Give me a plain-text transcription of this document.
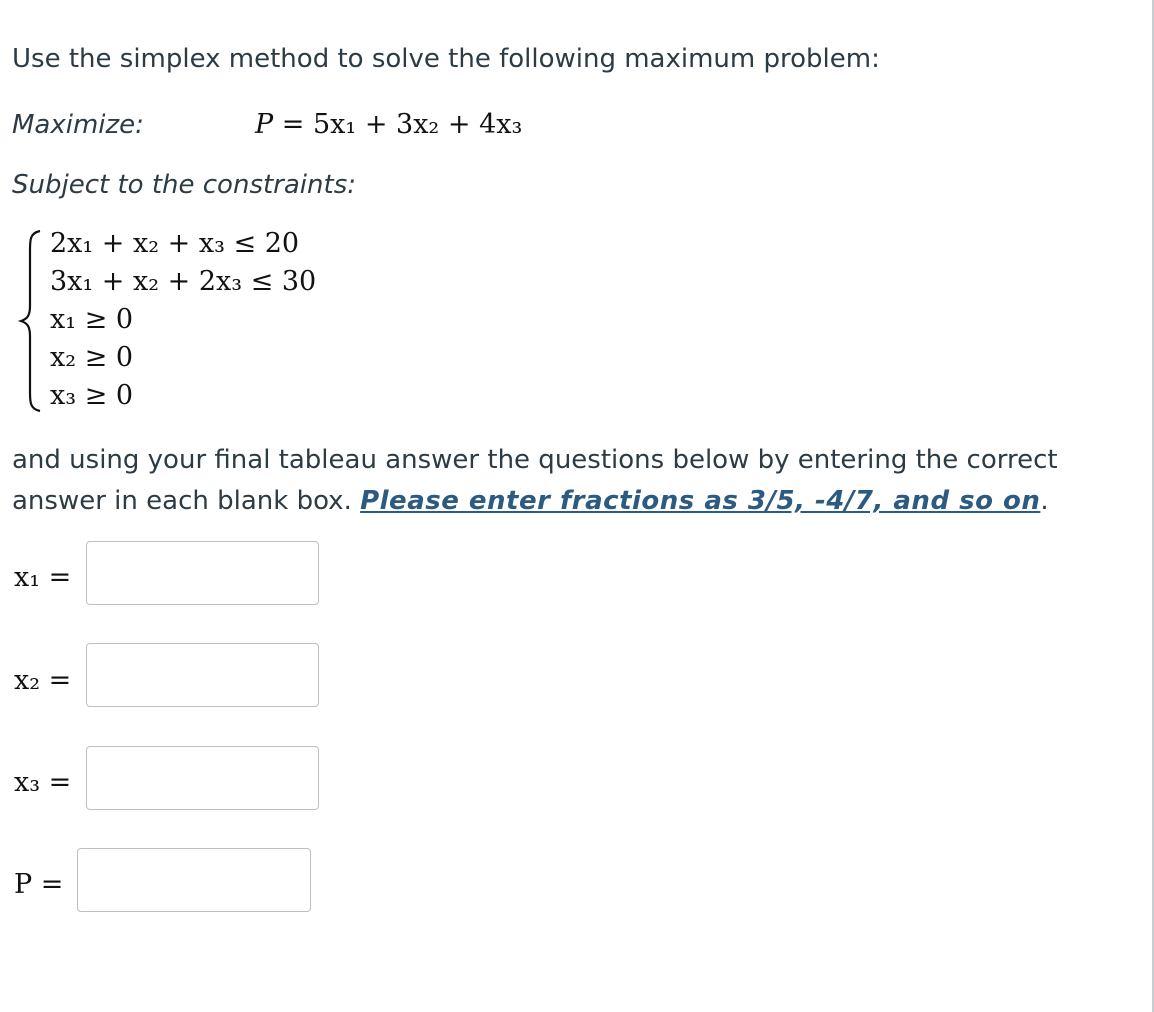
Use the simplex method to solve the following maximum problem:
Maximize:	P = 5x₁ + 3x₂ + 4x₃
Subject to the constraints:
2x₁ + x₂ + x₃ ≤ 20
3x₁ + x₂ + 2x₃ ≤ 30
x₁ ≥ 0
x₂ ≥ 0
x₃ ≥ 0
and using your final tableau answer the questions below by entering the correct answer in each blank box. Please enter fractions as 3/5, -4/7, and so on.
x₁ =
x₂ =
x₃ =
P =
